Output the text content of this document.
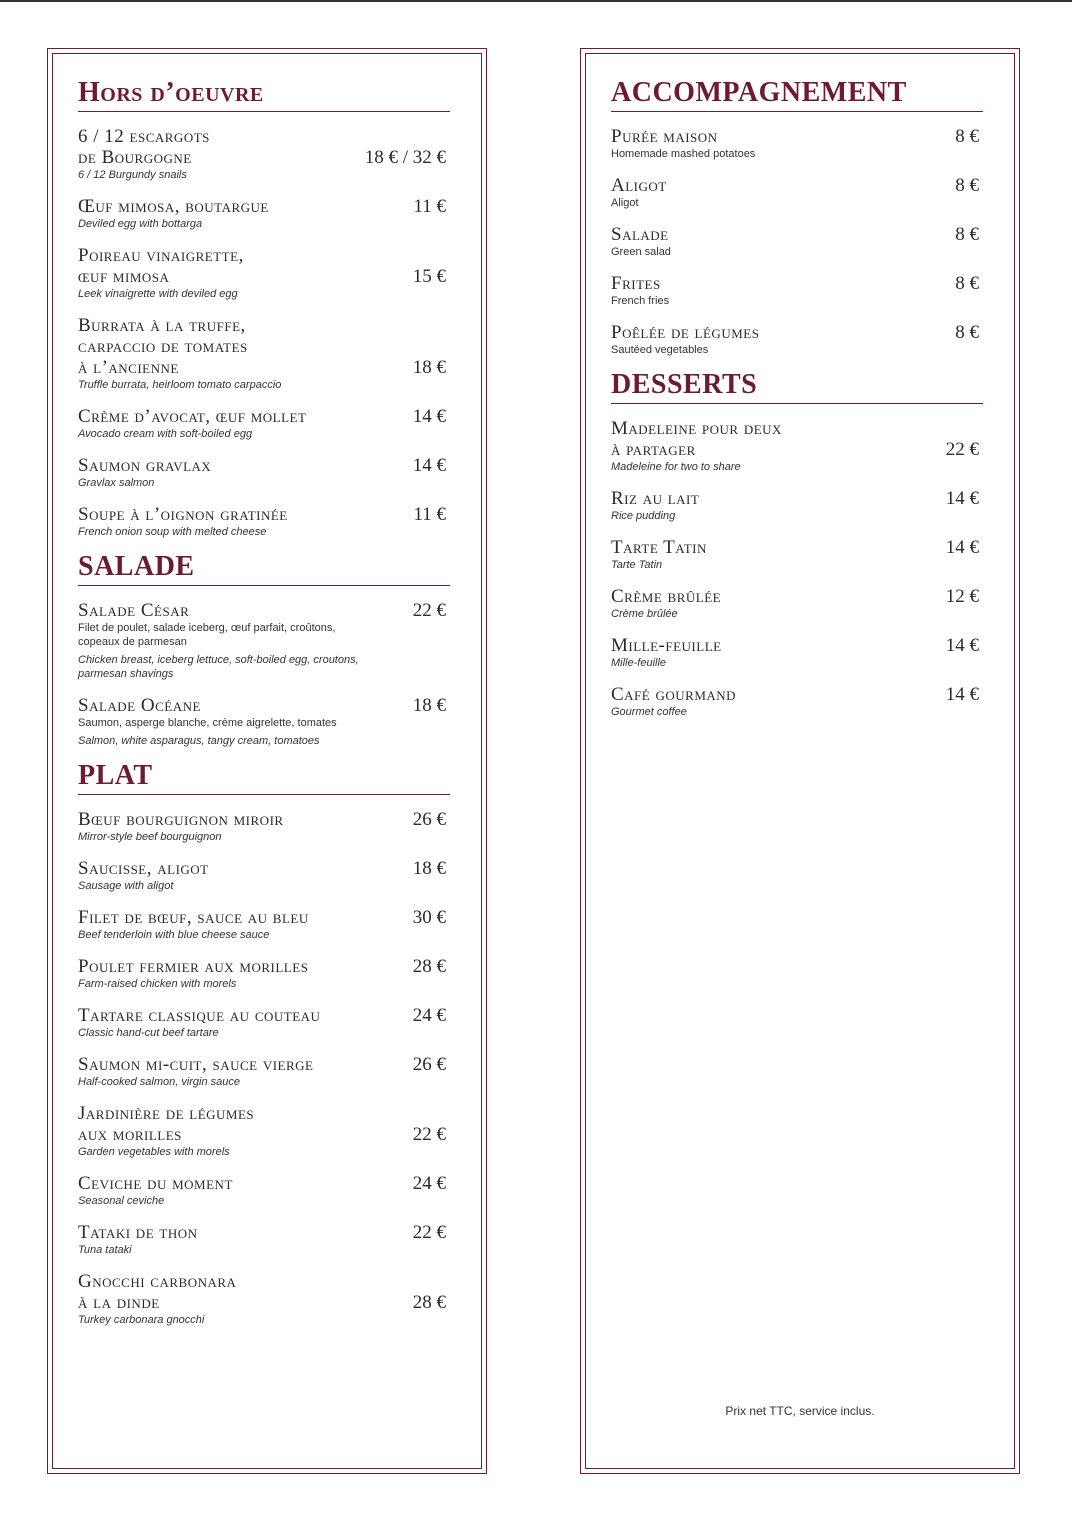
Hors d’oeuvre
6 / 12 escargots
de Bourgogne
6 / 12 Burgundy snails
18 € / 32 €
Œuf mimosa, boutargue
Deviled egg with bottarga
11 €
Poireau vinaigrette,
œuf mimosa
Leek vinaigrette with deviled egg
15 €
Burrata à la truffe,
carpaccio de tomates
à l’ancienne
Truffle burrata, heirloom tomato carpaccio
18 €
Crème d’avocat, œuf mollet
Avocado cream with soft-boiled egg
14 €
Saumon gravlax
Gravlax salmon
14 €
Soupe à l’oignon gratinée
French onion soup with melted cheese
11 €
SALADE
Salade César
Filet de poulet, salade iceberg, œuf parfait, croûtons, copeaux de parmesan
Chicken breast, iceberg lettuce, soft-boiled egg, croutons, parmesan shavings
22 €
Salade Océane
Saumon, asperge blanche, crème aigrelette, tomates
Salmon, white asparagus, tangy cream, tomatoes
18 €
PLAT
Bœuf bourguignon miroir
Mirror-style beef bourguignon
26 €
Saucisse, aligot
Sausage with aligot
18 €
Filet de bœuf, sauce au bleu
Beef tenderloin with blue cheese sauce
30 €
Poulet fermier aux morilles
Farm-raised chicken with morels
28 €
Tartare classique au couteau
Classic hand-cut beef tartare
24 €
Saumon mi-cuit, sauce vierge
Half-cooked salmon, virgin sauce
26 €
Jardinière de légumes
aux morilles
Garden vegetables with morels
22 €
Ceviche du moment
Seasonal ceviche
24 €
Tataki de thon
Tuna tataki
22 €
Gnocchi carbonara
à la dinde
Turkey carbonara gnocchi
28 €
ACCOMPAGNEMENT
Purée maison
Homemade mashed potatoes
8 €
Aligot
Aligot
8 €
Salade
Green salad
8 €
Frites
French fries
8 €
Poêlée de légumes
Sautéed vegetables
8 €
DESSERTS
Madeleine pour deux
à partager
Madeleine for two to share
22 €
Riz au lait
Rice pudding
14 €
Tarte Tatin
Tarte Tatin
14 €
Crème brûlée
Crème brûlée
12 €
Mille-feuille
Mille-feuille
14 €
Café gourmand
Gourmet coffee
14 €
Prix net TTC, service inclus.
